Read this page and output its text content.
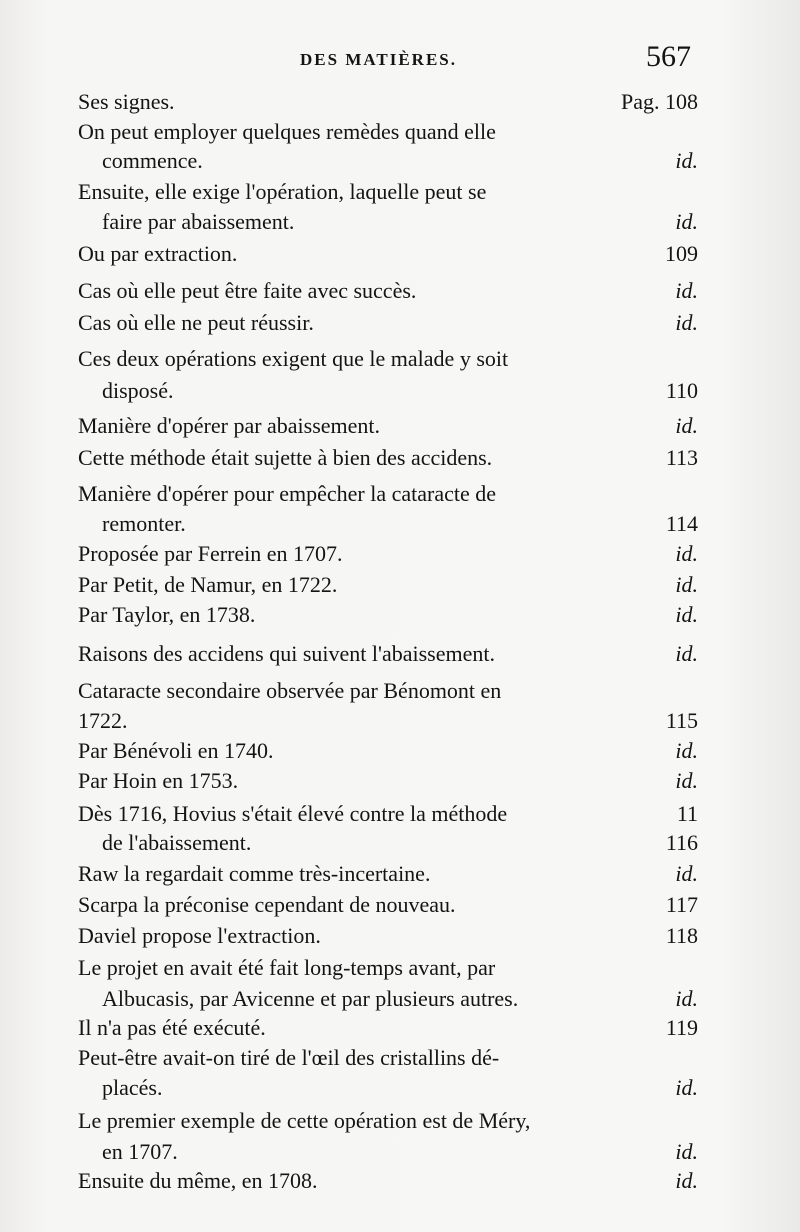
DES MATIÈRES.	567
Ses signes.	Pag. 108
On peut employer quelques remèdes quand elle
commence.	id.
Ensuite, elle exige l'opération, laquelle peut se
faire par abaissement.	id.
Ou par extraction.	109
Cas où elle peut être faite avec succès.	id.
Cas où elle ne peut réussir.	id.
Ces deux opérations exigent que le malade y soit
disposé.	110
Manière d'opérer par abaissement.	id.
Cette méthode était sujette à bien des accidens.	113
Manière d'opérer pour empêcher la cataracte de
remonter.	114
Proposée par Ferrein en 1707.	id.
Par Petit, de Namur, en 1722.	id.
Par Taylor, en 1738.	id.
Raisons des accidens qui suivent l'abaissement.	id.
Cataracte secondaire observée par Bénomont en
1722.	115
Par Bénévoli en 1740.	id.
Par Hoin en 1753.	id.
Dès 1716, Hovius s'était élevé contre la méthode	11
de l'abaissement.	116
Raw la regardait comme très-incertaine.	id.
Scarpa la préconise cependant de nouveau.	117
Daviel propose l'extraction.	118
Le projet en avait été fait long-temps avant, par
Albucasis, par Avicenne et par plusieurs autres.	id.
Il n'a pas été exécuté.	119
Peut-être avait-on tiré de l'œil des cristallins dé-
placés.	id.
Le premier exemple de cette opération est de Méry,
en 1707.	id.
Ensuite du même, en 1708.	id.
